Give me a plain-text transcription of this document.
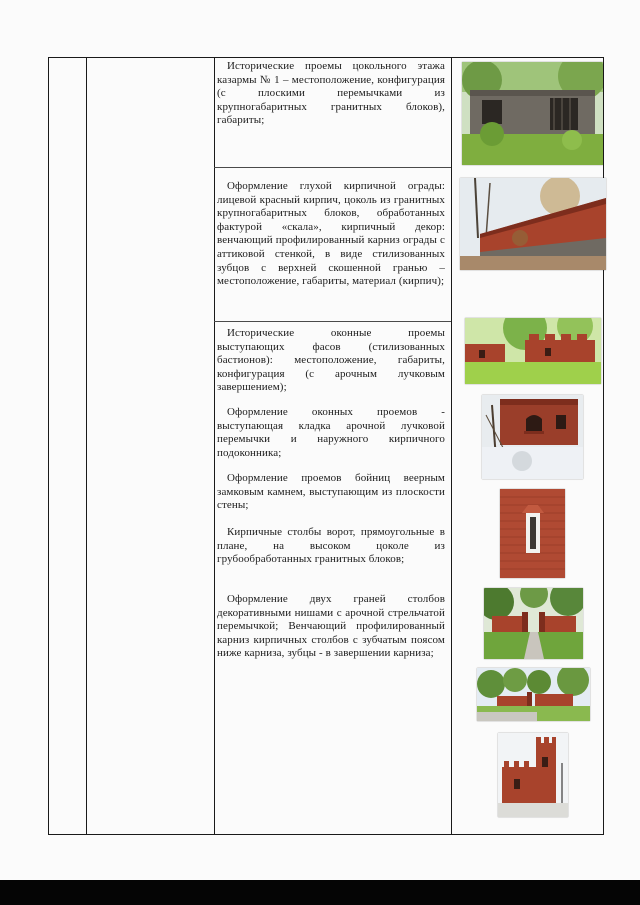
Исторические проемы цокольного этажа казармы № 1 – местоположение, конфигурация (с плоскими перемычками из крупногабаритных гранитных блоков), габариты;

Оформление глухой кирпичной ограды: лицевой красный кирпич, цоколь из гранитных крупногабаритных блоков, обработанных фактурой «скала», кирпичный декор: венчающий профилированный карниз ограды с аттиковой стенкой, в виде стилизованных зубцов с верхней скошенной гранью – местоположение, габариты, материал (кирпич);

Исторические оконные проемы выступающих фасов (стилизованных бастионов): местоположение, габариты, конфигурация (с арочным лучковым завершением);

Оформление оконных проемов - выступающая кладка арочной лучковой перемычки и наружного кирпичного подоконника;

Оформление проемов бойниц веерным замковым камнем, выступающим из плоскости стены;

Кирпичные столбы ворот, прямоугольные в плане, на высоком цоколе из грубообработанных гранитных блоков;

Оформление двух граней столбов декоративными нишами с арочной стрельчатой перемычкой; Венчающий профилированный карниз кирпичных столбов с зубчатым поясом ниже карниза, зубцы - в завершении карниза;
